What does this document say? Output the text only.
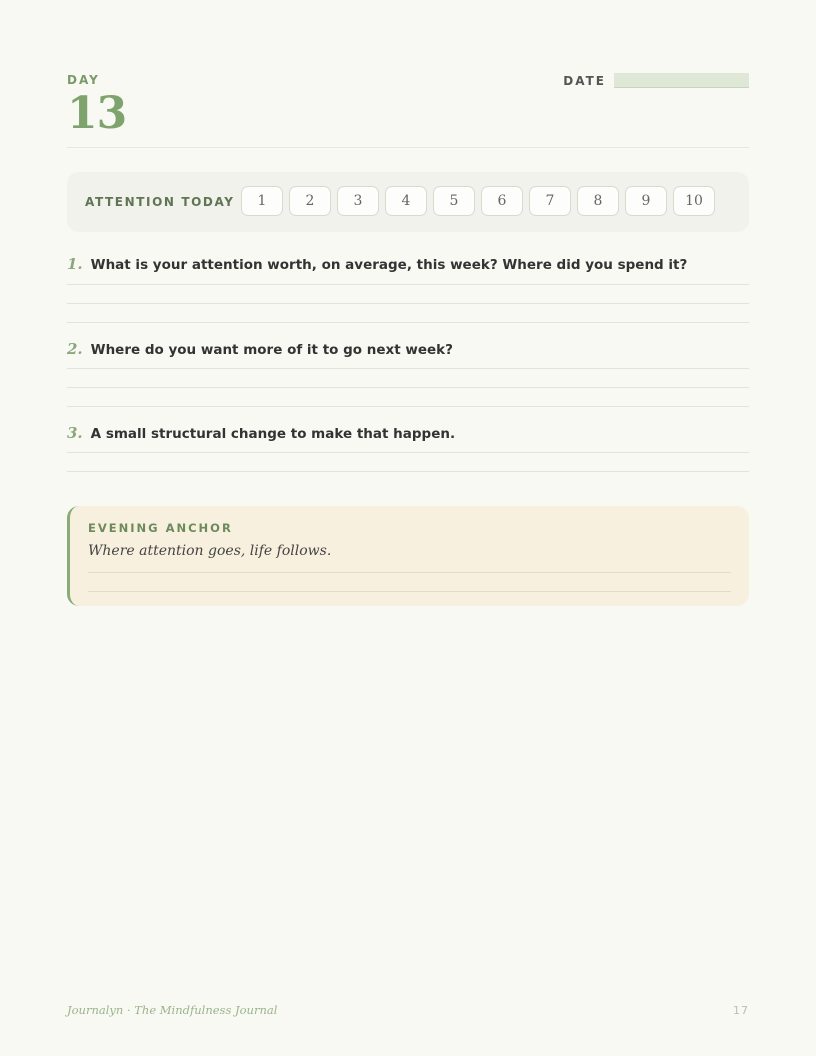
DAY
13
DATE
ATTENTION TODAY	1	2	3	4	5	6	7	8	9	10
1. What is your attention worth, on average, this week? Where did you spend it?
2. Where do you want more of it to go next week?
3. A small structural change to make that happen.
EVENING ANCHOR
Where attention goes, life follows.
Journalyn · The Mindfulness Journal	17
